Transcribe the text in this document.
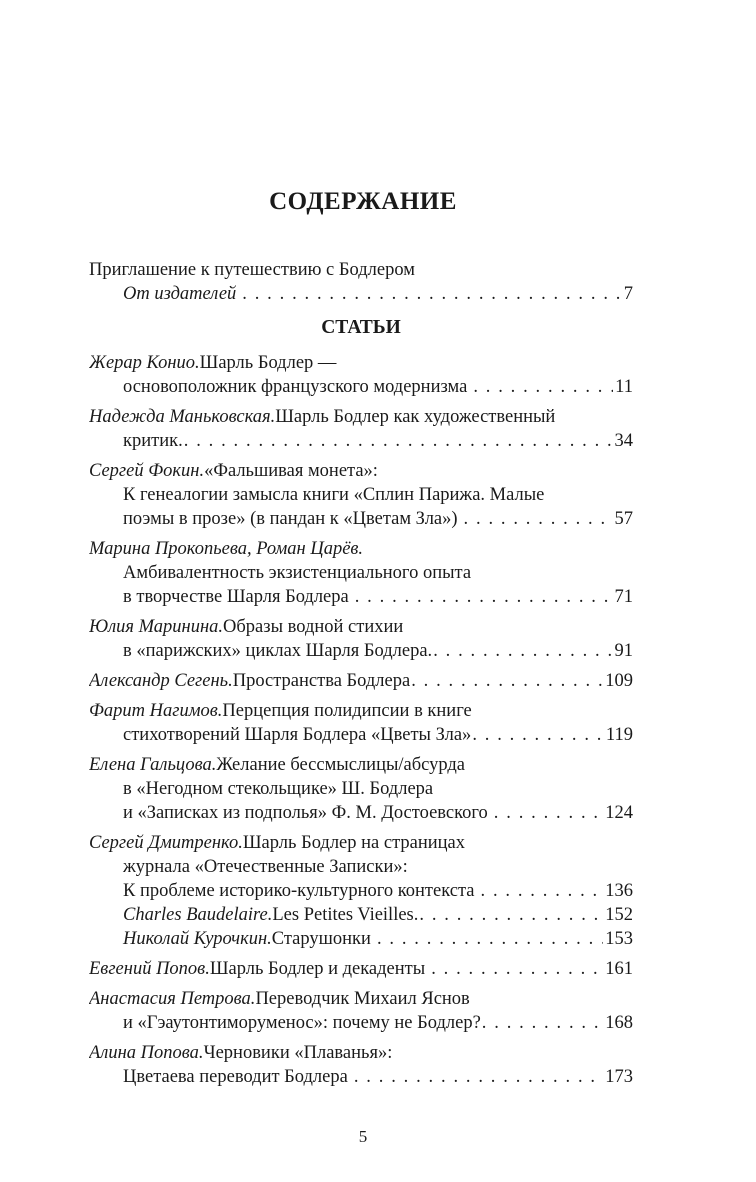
СОДЕРЖАНИЕ
Приглашение к путешествию с Бодлером
От издателей . . .	7
СТАТЬИ
Жерар Конио. Шарль Бодлер —
основоположник французского модернизма . . .	11
Надежда Маньковская. Шарль Бодлер как художественный
критик. . . .	34
Сергей Фокин. «Фальшивая монета»:
К генеалогии замысла книги «Сплин Парижа. Малые
поэмы в прозе» (в пандан к «Цветам Зла») . . .	57
Марина Прокопьева, Роман Царёв.
Амбивалентность экзистенциального опыта
в творчестве Шарля Бодлера . . .	71
Юлия Маринина. Образы водной стихии
в «парижских» циклах Шарля Бодлера. . . .	91
Александр Сегень. Пространства Бодлера . . .	109
Фарит Нагимов. Перцепция полидипсии в книге
стихотворений Шарля Бодлера «Цветы Зла» . . .	119
Елена Гальцова. Желание бессмыслицы/абсурда
в «Негодном стекольщике» Ш. Бодлера
и «Записках из подполья» Ф. М. Достоевского . . .	124
Сергей Дмитренко. Шарль Бодлер на страницах
журнала «Отечественные Записки»:
К проблеме историко-культурного контекста . . .	136
Charles Baudelaire. Les Petites Vieilles. . . .	152
Николай Курочкин. Старушонки . . .	153
Евгений Попов. Шарль Бодлер и декаденты . . .	161
Анастасия Петрова. Переводчик Михаил Яснов
и «Гэаутонтиморуменос»: почему не Бодлер? . . .	168
Алина Попова. Черновики «Плаванья»:
Цветаева переводит Бодлера . . .	173
5
